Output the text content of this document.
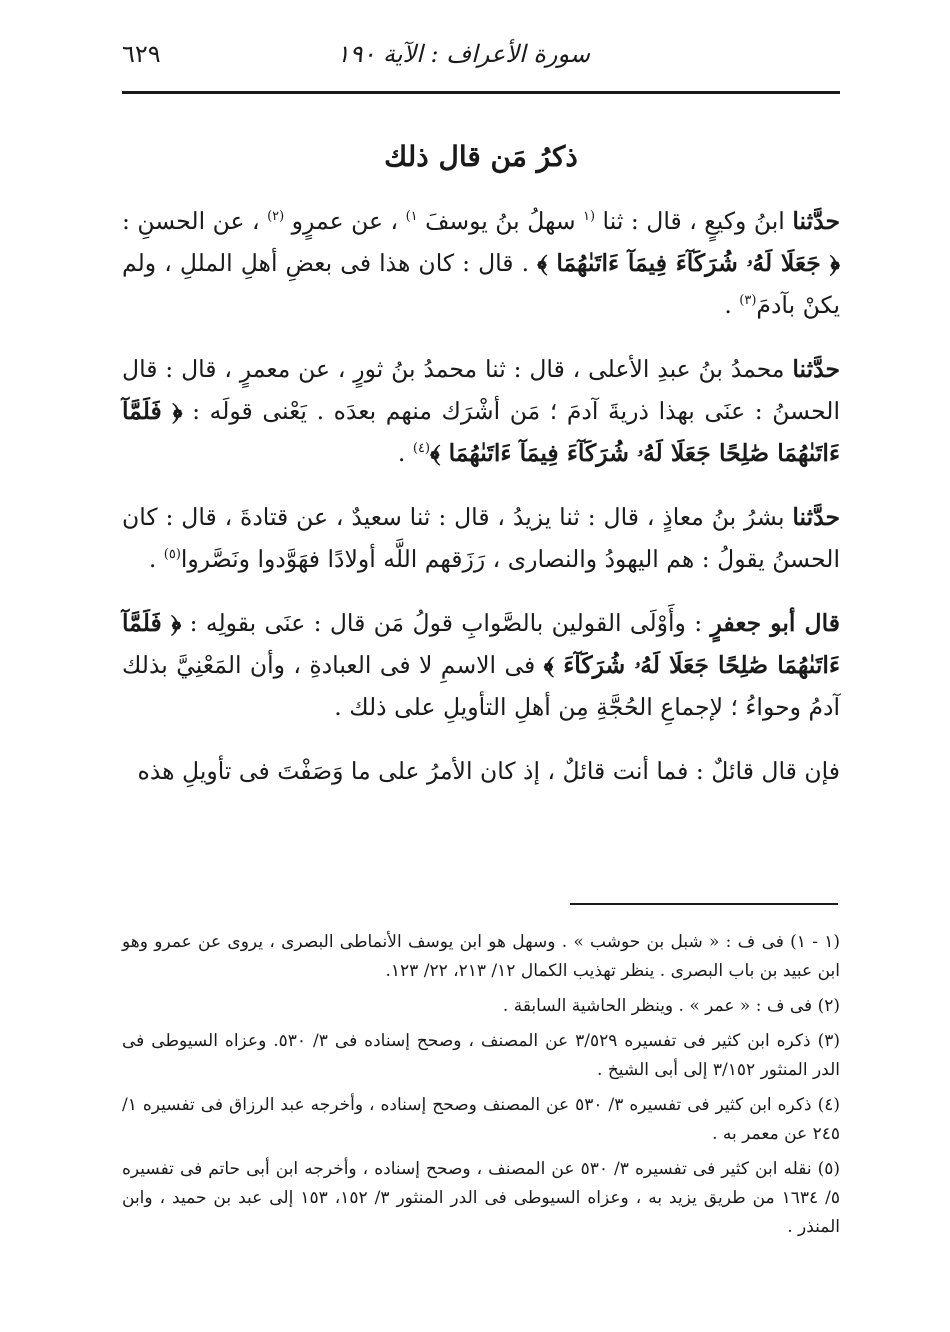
سورة الأعراف : الآية ١٩٠
٦٢٩
ذكرُ مَن قال ذلك

حدَّثنا ابنُ وكيعٍ ، قال : ثنا $^{(١}$ سهلُ بنُ يوسفَ $^{١)}$ ، عن عمرٍو $^{(٢)}$ ، عن الحسنِ : ﴿ جَعَلَا لَهُۥ شُرَكَآءَ فِيمَآ ءَاتَىٰهُمَا ﴾ . قال : كان هذا فى بعضِ أهلِ المللِ ، ولم يكنْ بآدمَ$^{(٣)}$ .

حدَّثنا محمدُ بنُ عبدِ الأعلى ، قال : ثنا محمدُ بنُ ثورٍ ، عن معمرٍ ، قال : قال الحسنُ : عنَى بهذا ذريةَ آدمَ ؛ مَن أشْرَك منهم بعدَه . يَعْنى قولَه : ﴿ فَلَمَّآ ءَاتَىٰهُمَا صَٰلِحًا جَعَلَا لَهُۥ شُرَكَآءَ فِيمَآ ءَاتَىٰهُمَا ﴾$^{(٤)}$ .

حدَّثنا بشرُ بنُ معاذٍ ، قال : ثنا يزيدُ ، قال : ثنا سعيدٌ ، عن قتادةَ ، قال : كان الحسنُ يقولُ : هم اليهودُ والنصارى ، رَزَقهم اللَّه أولادًا فهَوَّدوا ونَصَّروا$^{(٥)}$ .

قال أبو جعفرٍ : وأَوْلَى القولين بالصَّوابِ قولُ مَن قال : عنَى بقولِه : ﴿ فَلَمَّآ ءَاتَىٰهُمَا صَٰلِحًا جَعَلَا لَهُۥ شُرَكَآءَ ﴾ فى الاسمِ لا فى العبادةِ ، وأن المَعْنِيَّ بذلك آدمُ وحواءُ ؛ لإجماعِ الحُجَّةِ مِن أهلِ التأويلِ على ذلك .

فإن قال قائلٌ : فما أنت قائلٌ ، إذ كان الأمرُ على ما وَصَفْتَ فى تأويلِ هذه

(١ - ١) فى ف : « شبل بن حوشب » . وسهل هو ابن يوسف الأنماطى البصرى ، يروى عن عمرو وهو ابن عبيد بن باب البصرى . ينظر تهذيب الكمال ١٢/ ٢١٣، ٢٢/ ١٢٣.
(٢) فى ف : « عمر » . وينظر الحاشية السابقة .
(٣) ذكره ابن كثير فى تفسيره ٣/٥٢٩ عن المصنف ، وصحح إسناده فى ٣/ ٥٣٠. وعزاه السيوطى فى الدر المنثور ٣/١٥٢ إلى أبى الشيخ .
(٤) ذكره ابن كثير فى تفسيره ٣/ ٥٣٠ عن المصنف وصحح إسناده ، وأخرجه عبد الرزاق فى تفسيره ١/ ٢٤٥ عن معمر به .
(٥) نقله ابن كثير فى تفسيره ٣/ ٥٣٠ عن المصنف ، وصحح إسناده ، وأخرجه ابن أبى حاتم فى تفسيره ٥/ ١٦٣٤ من طريق يزيد به ، وعزاه السيوطى فى الدر المنثور ٣/ ١٥٢، ١٥٣ إلى عبد بن حميد ، وابن المنذر .
